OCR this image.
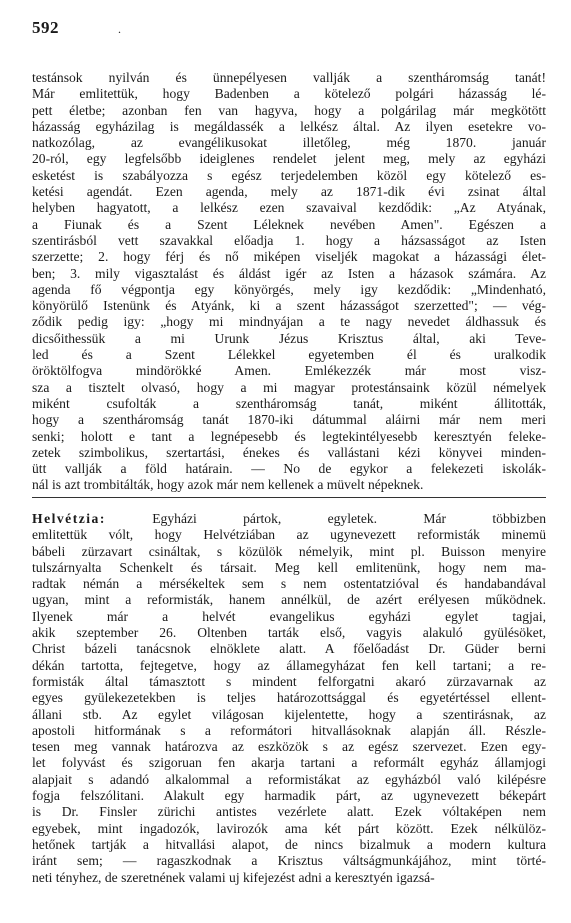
592	.
testánsok nyilván és ünnepélyesen vallják a szentháromság tanát!
Már emlitettük, hogy Badenben a kötelező polgári házasság lé-
pett életbe; azonban fen van hagyva, hogy a polgárilag már megkötött
házasság egyházilag is megáldassék a lelkész által. Az ilyen esetekre vo-
natkozólag, az evangélikusokat illetőleg, még 1870. január
20-ról, egy legfelsőbb ideiglenes rendelet jelent meg, mely az egyházi
esketést is szabályozza s egész terjedelemben közöl egy kötelező es-
ketési agendát. Ezen agenda, mely az 1871-dik évi zsinat által
helyben hagyatott, a lelkész ezen szavaival kezdődik: „Az Atyának,
a Fiunak és a Szent Léleknek nevében Amen". Egészen a
szentirásból vett szavakkal előadja 1. hogy a házsasságot az Isten
szerzette; 2. hogy férj és nő miképen viseljék magokat a házassági élet-
ben; 3. mily vigasztalást és áldást igér az Isten a házasok számára. Az
agenda fő végpontja egy könyörgés, mely igy kezdődik: „Mindenható,
könyörülő Istenünk és Atyánk, ki a szent házasságot szerzetted"; — vég-
ződik pedig igy: „hogy mi mindnyájan a te nagy nevedet áldhassuk és
dicsőithessük a mi Urunk Jézus Krisztus által, aki Teve-
led és a Szent Lélekkel egyetemben él és uralkodik
öröktölfogva mindörökké Amen. Emlékezzék már most visz-
sza a tisztelt olvasó, hogy a mi magyar protestánsaink közül némelyek
miként csufolták a szentháromság tanát, miként állitották,
hogy a szentháromság tanát 1870-iki dátummal aláirni már nem meri
senki; holott e tant a legnépesebb és legtekintélyesebb keresztyén feleke-
zetek szimbolikus, szertartási, énekes és vallástani kézi könyvei minden-
ütt vallják a föld határain. — No de egykor a felekezeti iskolák-
nál is azt trombitálták, hogy azok már nem kellenek a müvelt népeknek.
Helvétzia:	Egyházi pártok, egyletek. Már többizben
emlitettük vólt, hogy Helvétziában az ugynevezett reformisták minemü
bábeli zürzavart csináltak, s közülök némelyik, mint pl. Buisson menyire
tulszárnyalta Schenkelt és társait. Meg kell emlitenünk, hogy nem ma-
radtak némán a mérsékeltek sem s nem ostentatzióval és handabandával
ugyan, mint a reformisták, hanem annélkül, de azért erélyesen működnek.
Ilyenek már a helvét evangelikus egyházi egylet tagjai,
akik szeptember 26. Oltenben tarták első, vagyis alakuló gyülésöket,
Christ bázeli tanácsnok elnöklete alatt. A főelőadást Dr. Güder berni
dékán tartotta, fejtegetve, hogy az államegyházat fen kell tartani; a re-
formisták által támasztott s mindent felforgatni akaró zürzavarnak az
egyes gyülekezetekben is teljes határozottsággal és egyetértéssel ellent-
állani stb. Az egylet világosan kijelentette, hogy a szentirásnak, az
apostoli hitformának s a reformátori hitvallásoknak alapján áll. Részle-
tesen meg vannak határozva az eszközök s az egész szervezet. Ezen egy-
let folyvást és szigoruan fen akarja tartani a reformált egyház államjogi
alapjait s adandó alkalommal a reformistákat az egyházból való kilépésre
fogja felszólitani. Alakult egy harmadik párt, az ugynevezett békepárt
is Dr. Finsler zürichi antistes vezérlete alatt. Ezek vóltaképen nem
egyebek, mint ingadozók, lavirozók ama két párt között. Ezek nélkülöz-
hetőnek tartják a hitvallási alapot, de nincs bizalmuk a modern kultura
iránt sem; — ragaszkodnak a Krisztus váltságmunkájához, mint törté-
neti tényhez, de szeretnének valami uj kifejezést adni a keresztyén igazsá-
